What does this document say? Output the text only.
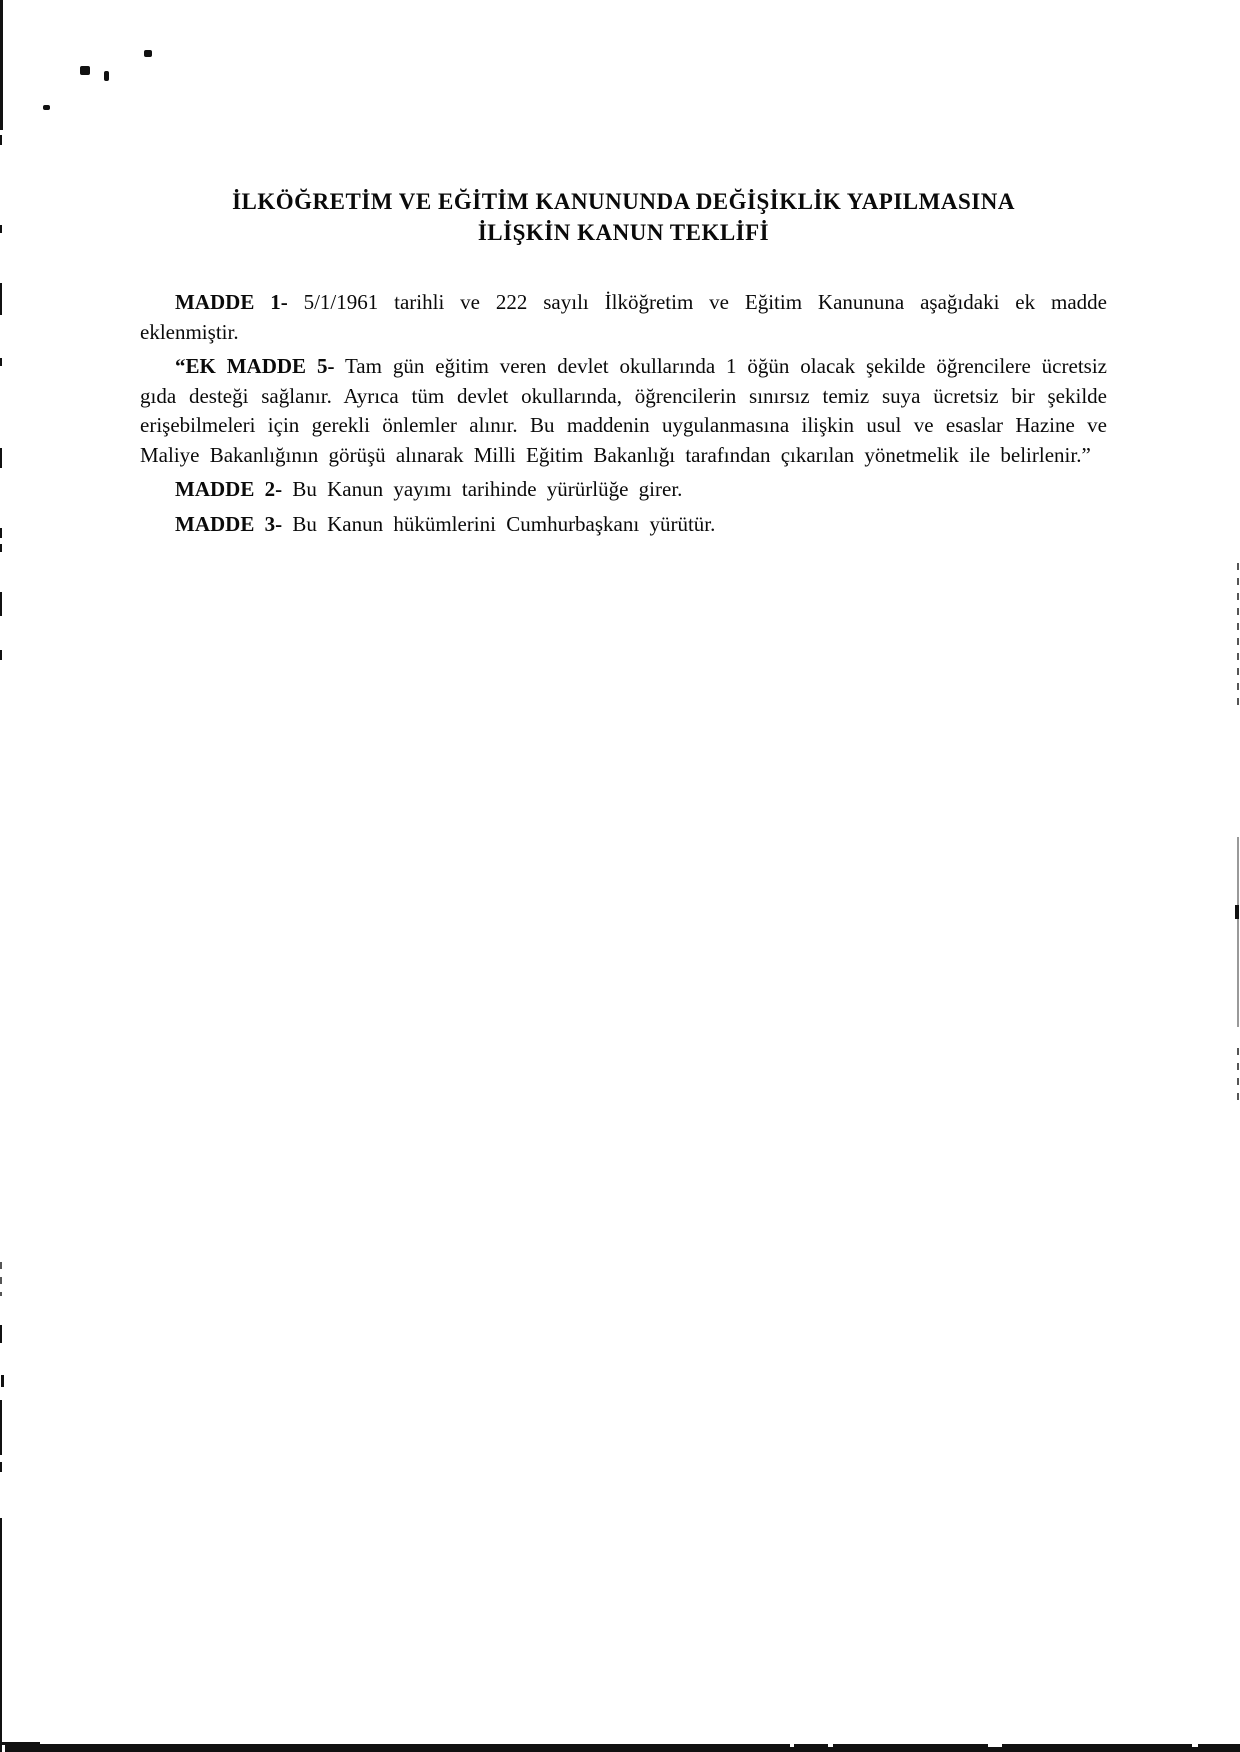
İLKÖĞRETİM VE EĞİTİM KANUNUNDA DEĞİŞİKLİK YAPILMASINA
İLİŞKİN KANUN TEKLİFİ

MADDE 1- 5/1/1961 tarihli ve 222 sayılı İlköğretim ve Eğitim Kanununa aşağıdaki ek madde eklenmiştir.

“EK MADDE 5- Tam gün eğitim veren devlet okullarında 1 öğün olacak şekilde öğrencilere ücretsiz gıda desteği sağlanır. Ayrıca tüm devlet okullarında, öğrencilerin sınırsız temiz suya ücretsiz bir şekilde erişebilmeleri için gerekli önlemler alınır. Bu maddenin uygulanmasına ilişkin usul ve esaslar Hazine ve Maliye Bakanlığının görüşü alınarak Milli Eğitim Bakanlığı tarafından çıkarılan yönetmelik ile belirlenir.”

MADDE 2- Bu Kanun yayımı tarihinde yürürlüğe girer.

MADDE 3- Bu Kanun hükümlerini Cumhurbaşkanı yürütür.
